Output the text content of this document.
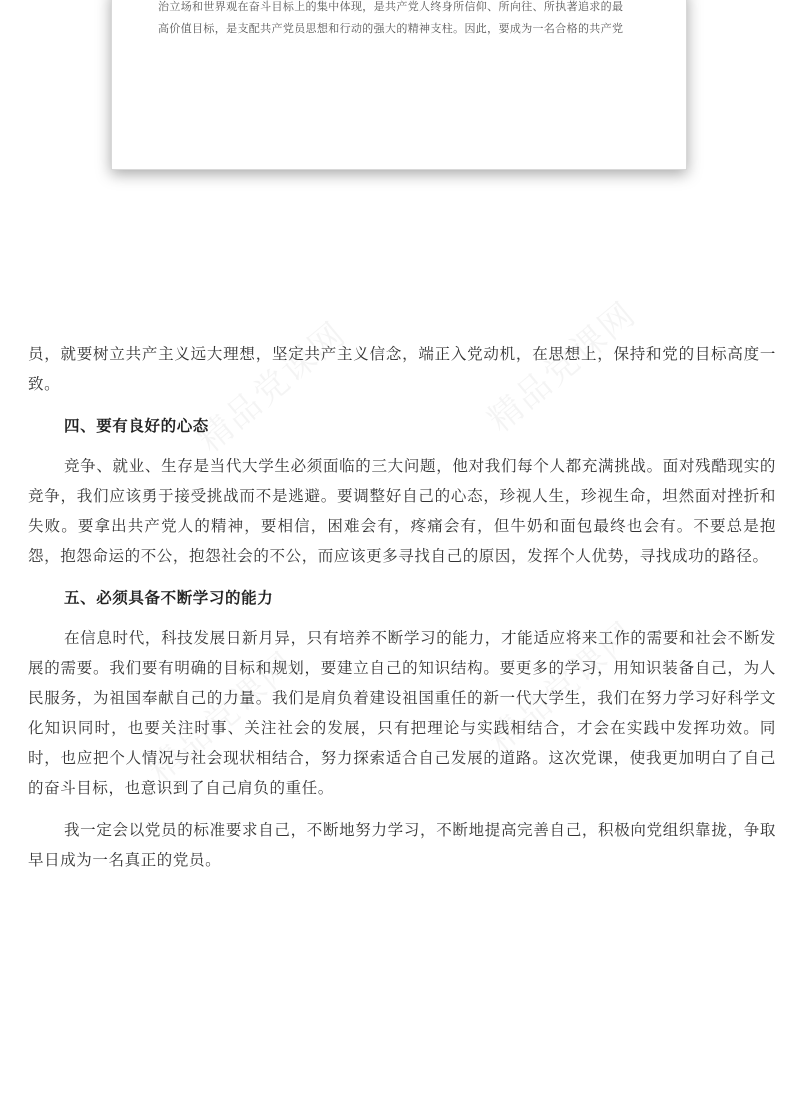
治立场和世界观在奋斗目标上的集中体现，是共产党人终身所信仰、所向往、所执著追求的最
高价值目标，是支配共产党员思想和行动的强大的精神支柱。因此，要成为一名合格的共产党

员，就要树立共产主义远大理想，坚定共产主义信念，端正入党动机，在思想上，保持和党的目标高度一致。

四、要有良好的心态

竞争、就业、生存是当代大学生必须面临的三大问题，他对我们每个人都充满挑战。面对残酷现实的竞争，我们应该勇于接受挑战而不是逃避。要调整好自己的心态，珍视人生，珍视生命，坦然面对挫折和失败。要拿出共产党人的精神，要相信，困难会有，疼痛会有，但牛奶和面包最终也会有。不要总是抱怨，抱怨命运的不公，抱怨社会的不公，而应该更多寻找自己的原因，发挥个人优势，寻找成功的路径。

五、必须具备不断学习的能力

在信息时代，科技发展日新月异，只有培养不断学习的能力，才能适应将来工作的需要和社会不断发展的需要。我们要有明确的目标和规划，要建立自己的知识结构。要更多的学习，用知识装备自己，为人民服务，为祖国奉献自己的力量。我们是肩负着建设祖国重任的新一代大学生，我们在努力学习好科学文化知识同时，也要关注时事、关注社会的发展，只有把理论与实践相结合，才会在实践中发挥功效。同时，也应把个人情况与社会现状相结合，努力探索适合自己发展的道路。这次党课，使我更加明白了自己的奋斗目标，也意识到了自己肩负的重任。

我一定会以党员的标准要求自己，不断地努力学习，不断地提高完善自己，积极向党组织靠拢，争取早日成为一名真正的党员。
